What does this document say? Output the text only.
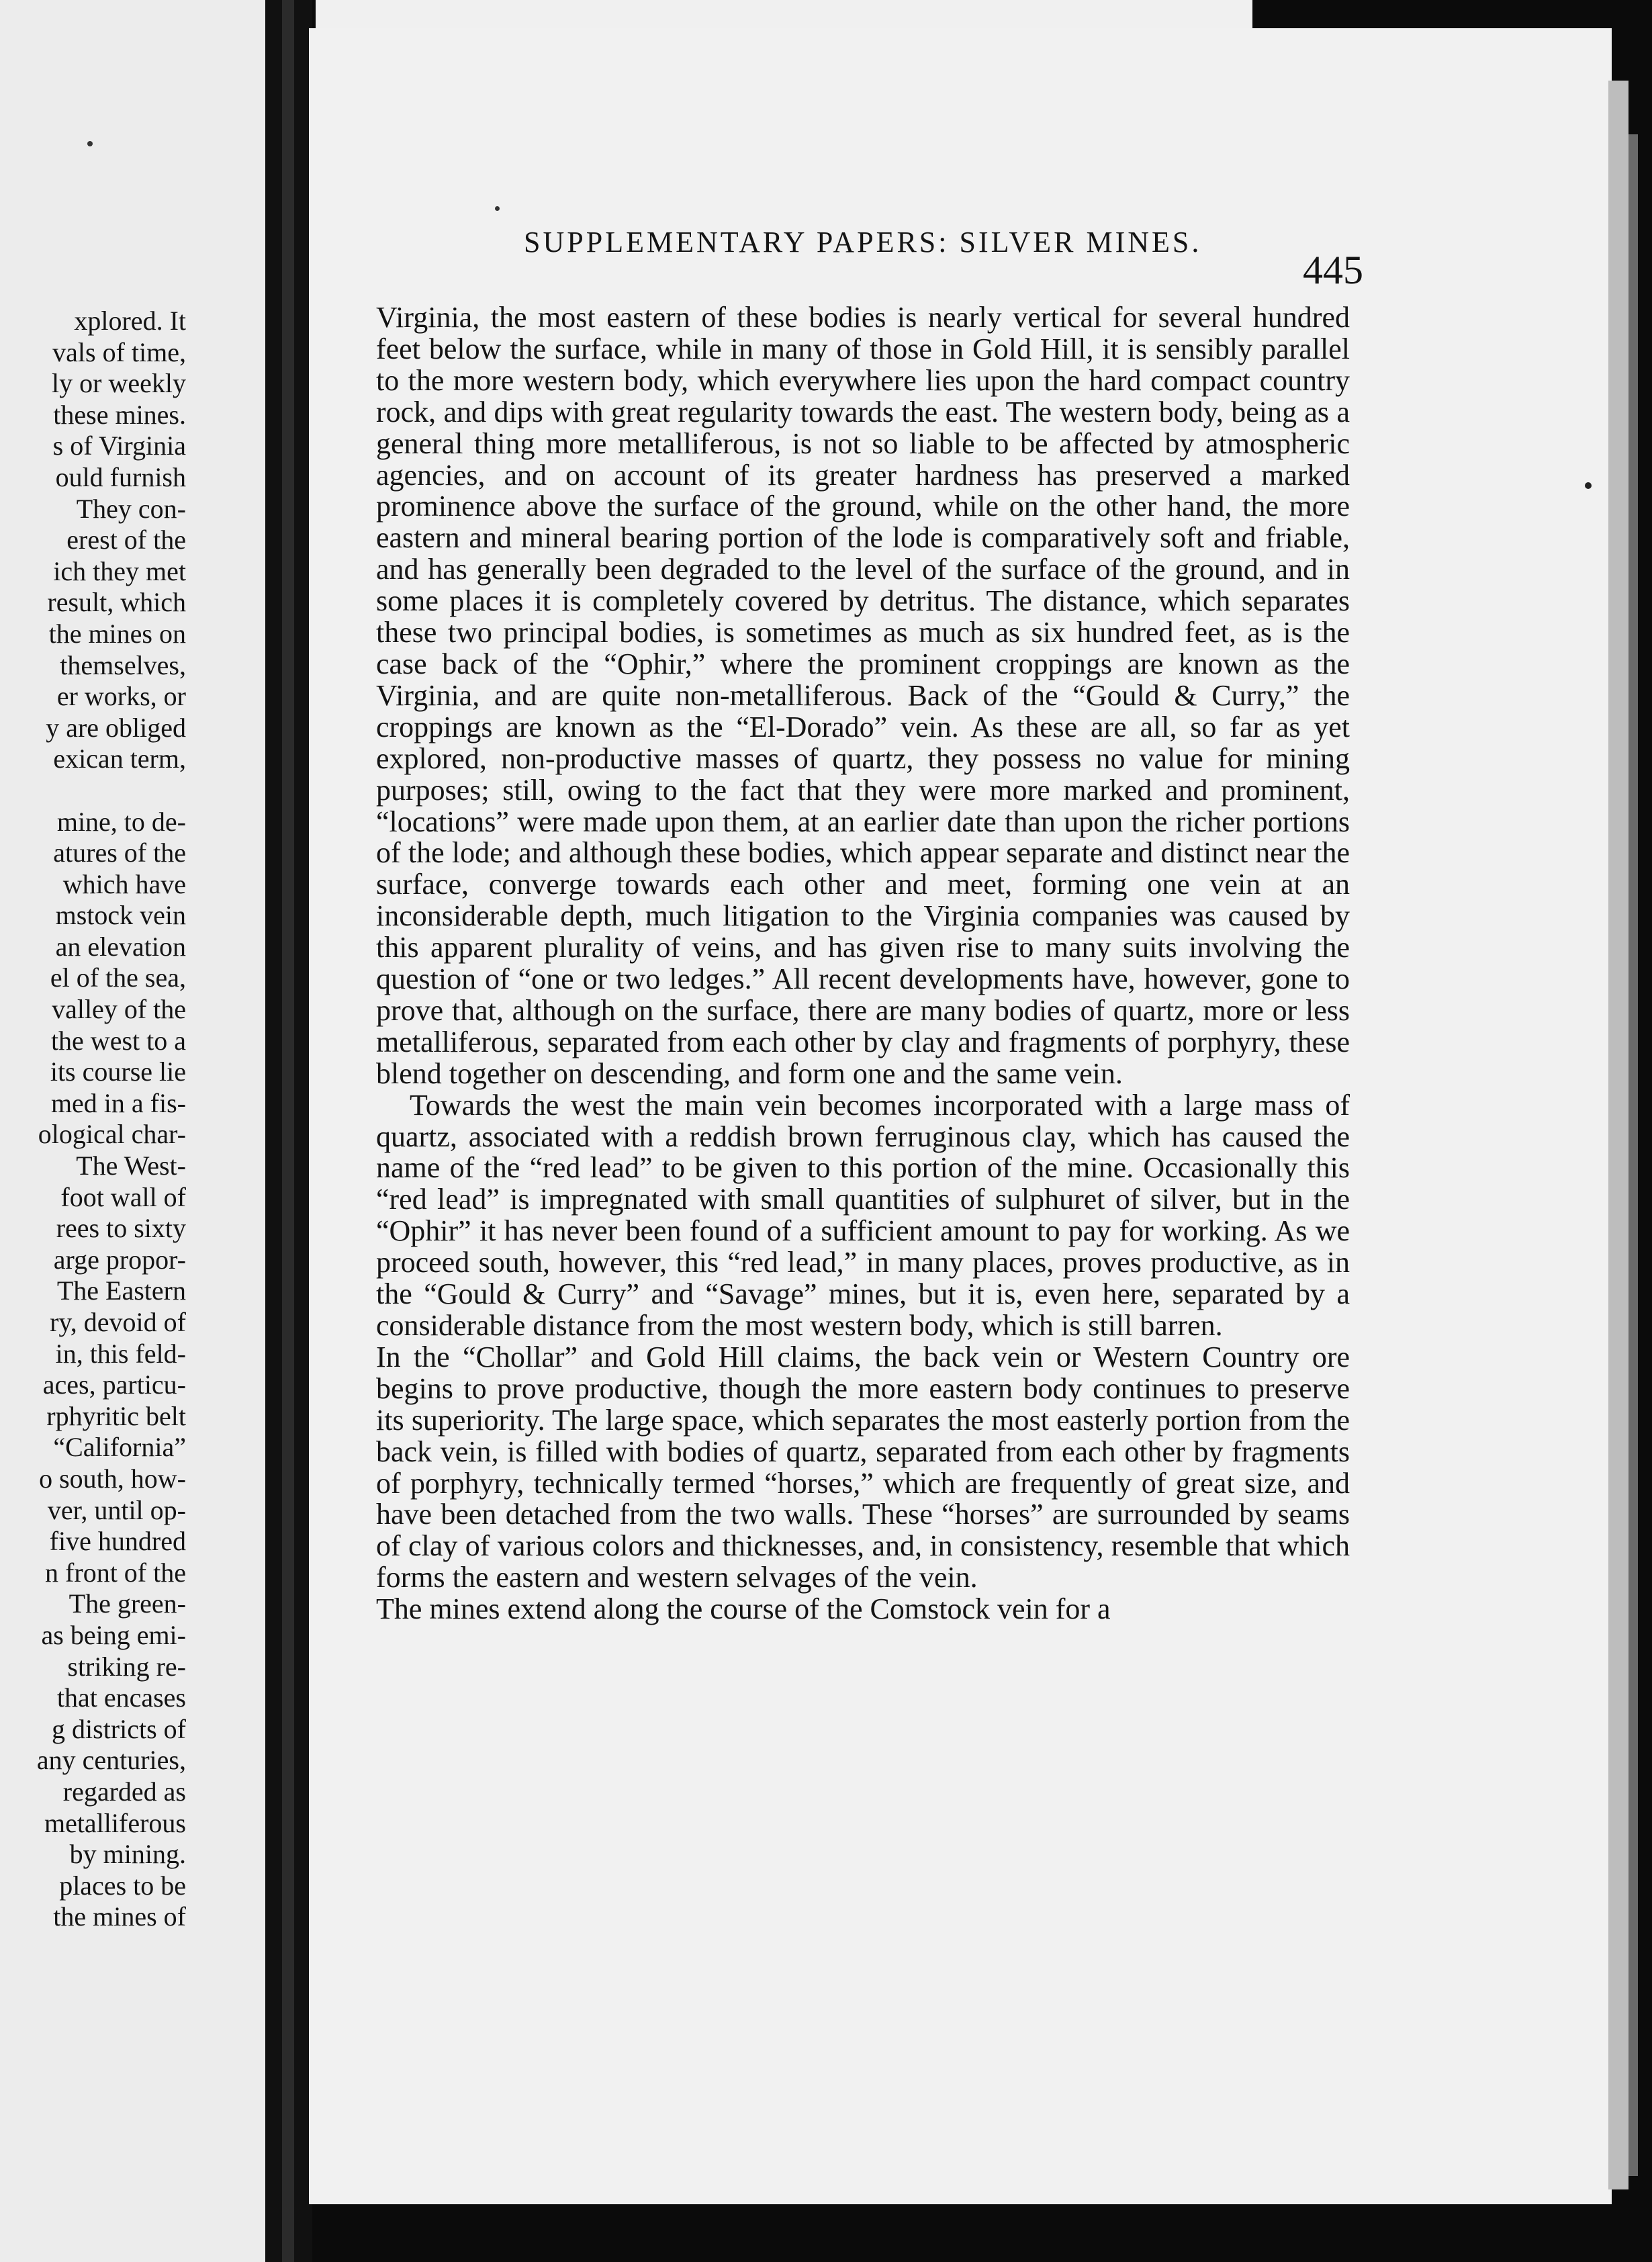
xplored. It
vals of time,
ly or weekly
these mines.
s of Virginia
ould furnish
They con-
erest of the
ich they met
result, which
the mines on
themselves,
er works, or
y are obliged
exican term,

mine, to de-
atures of the
which have
mstock vein
an elevation
el of the sea,
valley of the
the west to a
its course lie
med in a fis-
ological char-
The West-
foot wall of
rees to sixty
arge propor-
The Eastern
ry, devoid of
in, this feld-
aces, particu-
rphyritic belt
“California”
o south, how-
ver, until op-
five hundred
n front of the
The green-
as being emi-
striking re-
that encases
g districts of
any centuries,
regarded as
metalliferous
by mining.
places to be
the mines of
SUPPLEMENTARY PAPERS: SILVER MINES.
445

Virginia, the most eastern of these bodies is nearly vertical for several hundred feet below the surface, while in many of those in Gold Hill, it is sensibly parallel to the more western body, which everywhere lies upon the hard compact country rock, and dips with great regularity towards the east. The western body, being as a general thing more metalliferous, is not so liable to be affected by atmospheric agencies, and on account of its greater hardness has preserved a marked prominence above the surface of the ground, while on the other hand, the more eastern and mineral bearing portion of the lode is comparatively soft and friable, and has generally been degraded to the level of the surface of the ground, and in some places it is completely covered by detritus. The distance, which separates these two principal bodies, is sometimes as much as six hundred feet, as is the case back of the “Ophir,” where the prominent croppings are known as the Virginia, and are quite non-metalliferous. Back of the “Gould & Curry,” the croppings are known as the “El-Dorado” vein. As these are all, so far as yet explored, non-productive masses of quartz, they possess no value for mining purposes; still, owing to the fact that they were more marked and prominent, “locations” were made upon them, at an earlier date than upon the richer portions of the lode; and although these bodies, which appear separate and distinct near the surface, converge towards each other and meet, forming one vein at an inconsiderable depth, much litigation to the Virginia companies was caused by this apparent plurality of veins, and has given rise to many suits involving the question of “one or two ledges.” All recent developments have, however, gone to prove that, although on the surface, there are many bodies of quartz, more or less metalliferous, separated from each other by clay and fragments of porphyry, these blend together on descending, and form one and the same vein.

Towards the west the main vein becomes incorporated with a large mass of quartz, associated with a reddish brown ferruginous clay, which has caused the name of the “red lead” to be given to this portion of the mine. Occasionally this “red lead” is impregnated with small quantities of sulphuret of silver, but in the “Ophir” it has never been found of a sufficient amount to pay for working. As we proceed south, however, this “red lead,” in many places, proves productive, as in the “Gould & Curry” and “Savage” mines, but it is, even here, separated by a considerable distance from the most western body, which is still barren.

In the “Chollar” and Gold Hill claims, the back vein or Western Country ore begins to prove productive, though the more eastern body continues to preserve its superiority. The large space, which separates the most easterly portion from the back vein, is filled with bodies of quartz, separated from each other by fragments of porphyry, technically termed “horses,” which are frequently of great size, and have been detached from the two walls. These “horses” are surrounded by seams of clay of various colors and thicknesses, and, in consistency, resemble that which forms the eastern and western selvages of the vein.

The mines extend along the course of the Comstock vein for a
